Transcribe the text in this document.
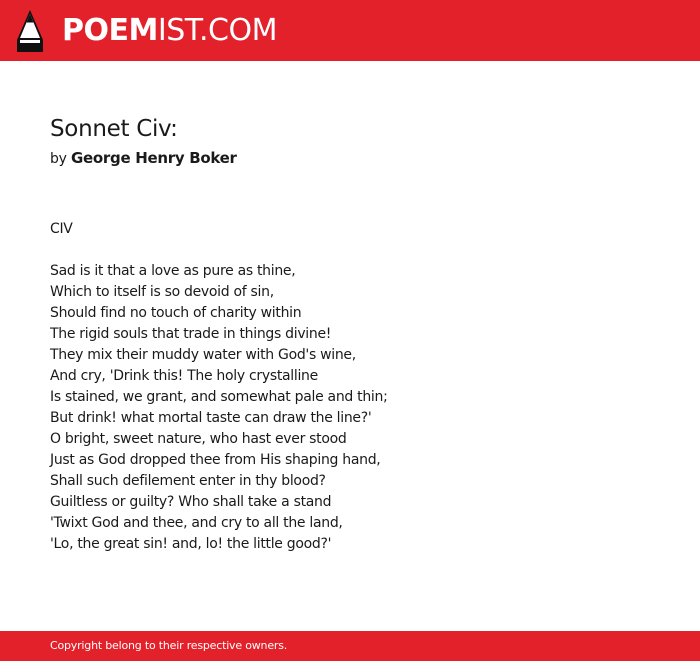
POEMIST.COM
Sonnet Civ:
by George Henry Boker
CIV
Sad is it that a love as pure as thine,
Which to itself is so devoid of sin,
Should find no touch of charity within
The rigid souls that trade in things divine!
They mix their muddy water with God's wine,
And cry, 'Drink this! The holy crystalline
Is stained, we grant, and somewhat pale and thin;
But drink! what mortal taste can draw the line?'
O bright, sweet nature, who hast ever stood
Just as God dropped thee from His shaping hand,
Shall such defilement enter in thy blood?
Guiltless or guilty? Who shall take a stand
'Twixt God and thee, and cry to all the land,
'Lo, the great sin! and, lo! the little good?'
Copyright belong to their respective owners.
